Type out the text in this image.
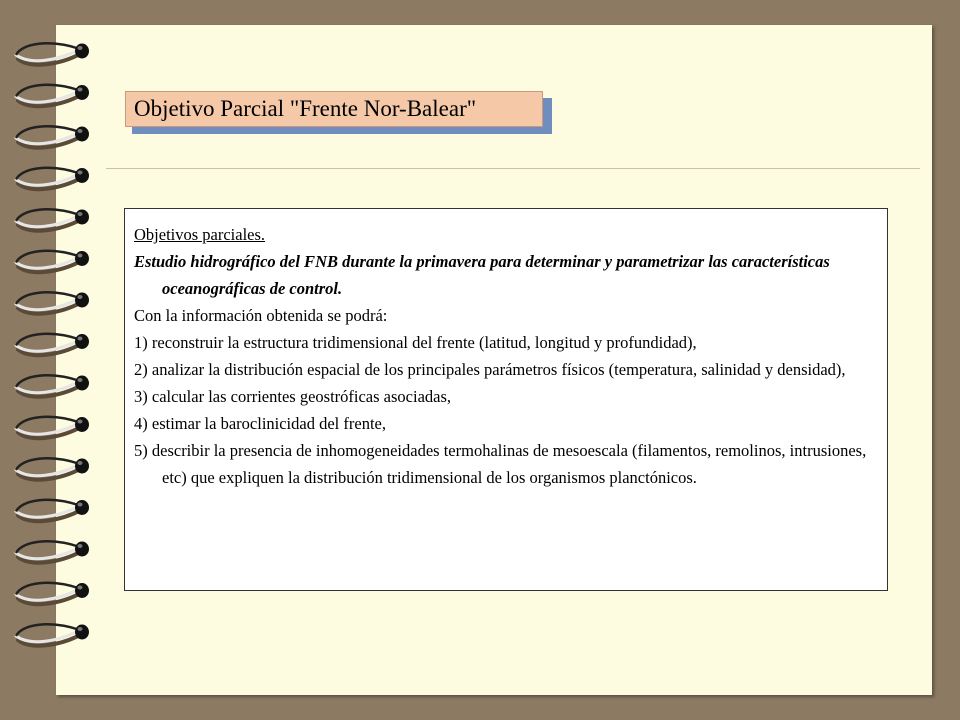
Objetivo Parcial "Frente Nor-Balear"

Objetivos parciales.

Estudio hidrográfico del FNB durante la primavera para determinar y parametrizar las características oceanográficas de control.

Con la información obtenida se podrá:

1) reconstruir la estructura tridimensional del frente (latitud, longitud y profundidad),

2) analizar la distribución espacial de los principales parámetros físicos (temperatura, salinidad y densidad),

3) calcular las corrientes geostróficas asociadas,

4) estimar la baroclinicidad del frente,

5) describir la presencia de inhomogeneidades termohalinas de mesoescala (filamentos, remolinos, intrusiones, etc) que expliquen la distribución tridimensional de los organismos planctónicos.
